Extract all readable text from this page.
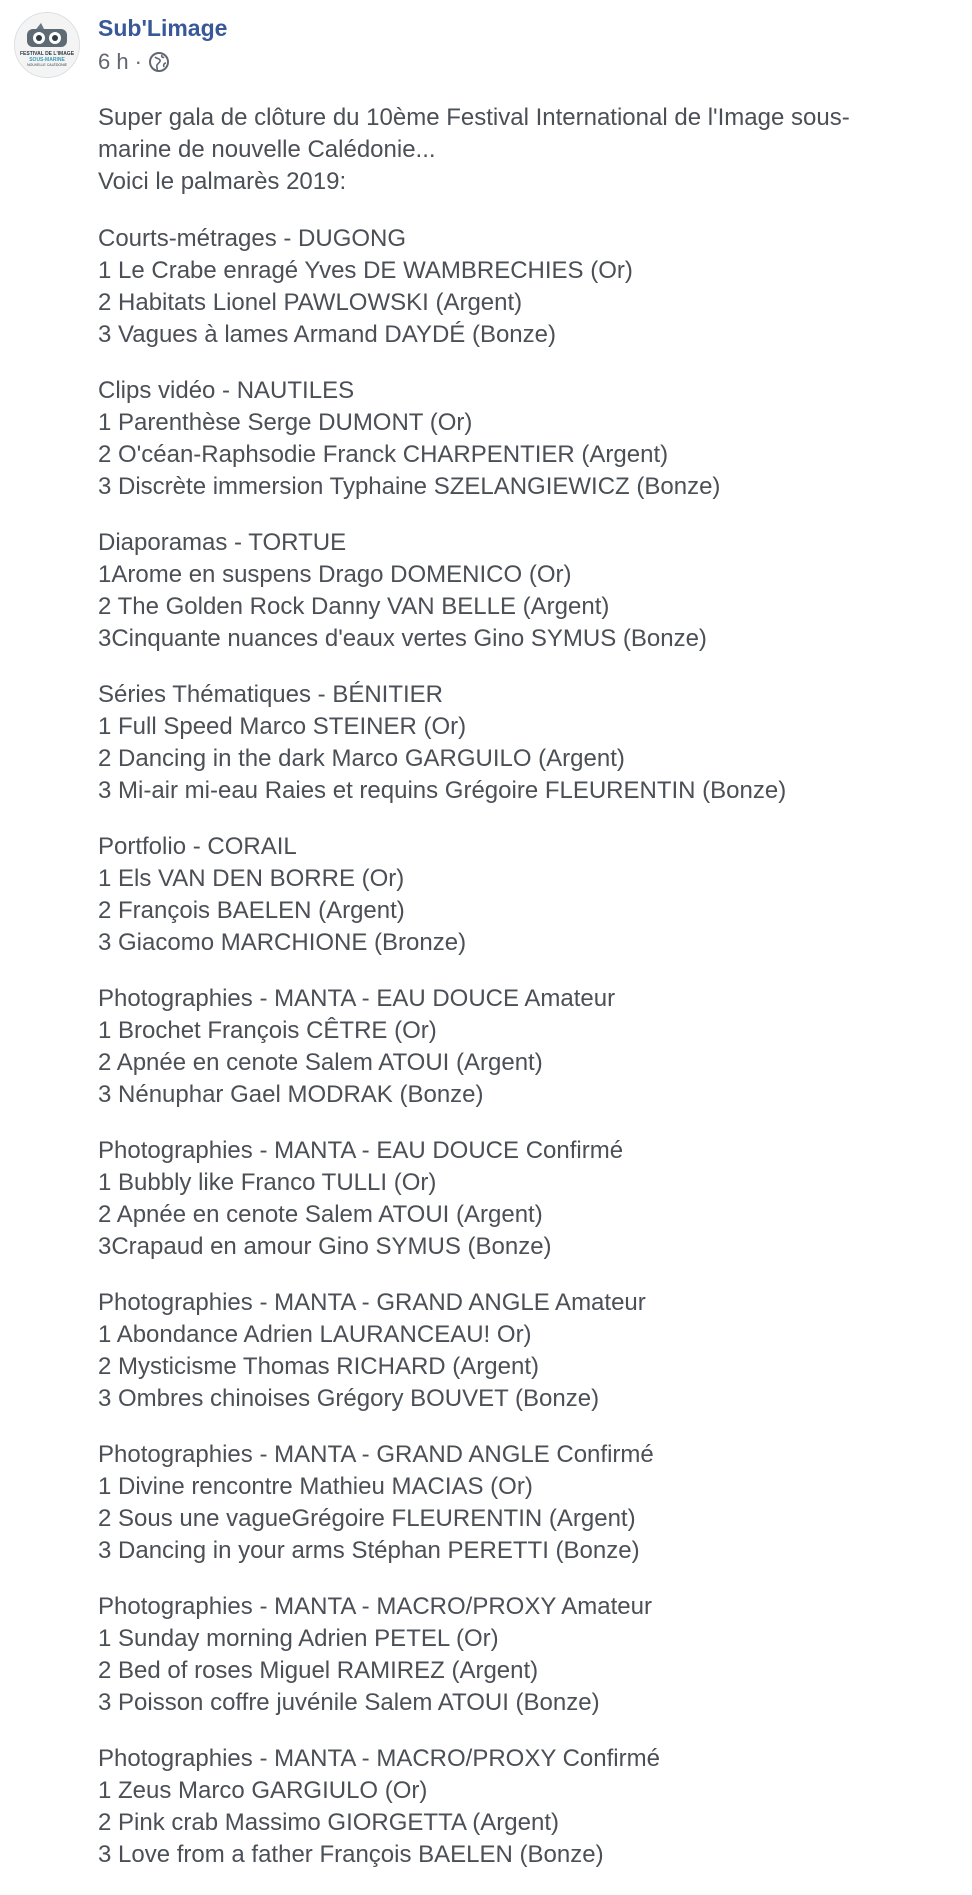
FESTIVAL DE L'IMAGE
SOUS-MARINE
NOUVELLE CALÉDONIE
Sub'Limage
6 h ·

Super gala de clôture du 10ème Festival International de l'Image sous-

marine de nouvelle Calédonie...

Voici le palmarès 2019:

Courts-métrages - DUGONG

1 Le Crabe enragé Yves DE WAMBRECHIES (Or)

2 Habitats Lionel PAWLOWSKI (Argent)

3 Vagues à lames Armand DAYDÉ (Bonze)

Clips vidéo - NAUTILES

1 Parenthèse Serge DUMONT (Or)

2 O'céan-Raphsodie Franck CHARPENTIER (Argent)

3 Discrète immersion Typhaine SZELANGIEWICZ (Bonze)

Diaporamas - TORTUE

1Arome en suspens Drago DOMENICO (Or)

2 The Golden Rock Danny VAN BELLE (Argent)

3Cinquante nuances d'eaux vertes Gino SYMUS (Bonze)

Séries Thématiques - BÉNITIER

1 Full Speed Marco STEINER (Or)

2 Dancing in the dark Marco GARGUILO (Argent)

3 Mi-air mi-eau Raies et requins Grégoire FLEURENTIN (Bonze)

Portfolio - CORAIL

1 Els VAN DEN BORRE (Or)

2 François BAELEN (Argent)

3 Giacomo MARCHIONE (Bronze)

Photographies - MANTA - EAU DOUCE Amateur

1 Brochet François CÊTRE (Or)

2 Apnée en cenote Salem ATOUI (Argent)

3 Nénuphar Gael MODRAK (Bonze)

Photographies - MANTA - EAU DOUCE Confirmé

1 Bubbly like Franco TULLI (Or)

2 Apnée en cenote Salem ATOUI (Argent)

3Crapaud en amour Gino SYMUS (Bonze)

Photographies - MANTA - GRAND ANGLE Amateur

1 Abondance Adrien LAURANCEAU! Or)

2 Mysticisme Thomas RICHARD (Argent)

3 Ombres chinoises Grégory BOUVET (Bonze)

Photographies - MANTA - GRAND ANGLE Confirmé

1 Divine rencontre Mathieu MACIAS (Or)

2 Sous une vagueGrégoire FLEURENTIN (Argent)

3 Dancing in your arms Stéphan PERETTI (Bonze)

Photographies - MANTA - MACRO/PROXY Amateur

1 Sunday morning Adrien PETEL (Or)

2 Bed of roses Miguel RAMIREZ (Argent)

3 Poisson coffre juvénile Salem ATOUI (Bonze)

Photographies - MANTA - MACRO/PROXY Confirmé

1 Zeus Marco GARGIULO (Or)

2 Pink crab Massimo GIORGETTA (Argent)

3 Love from a father François BAELEN (Bonze)
